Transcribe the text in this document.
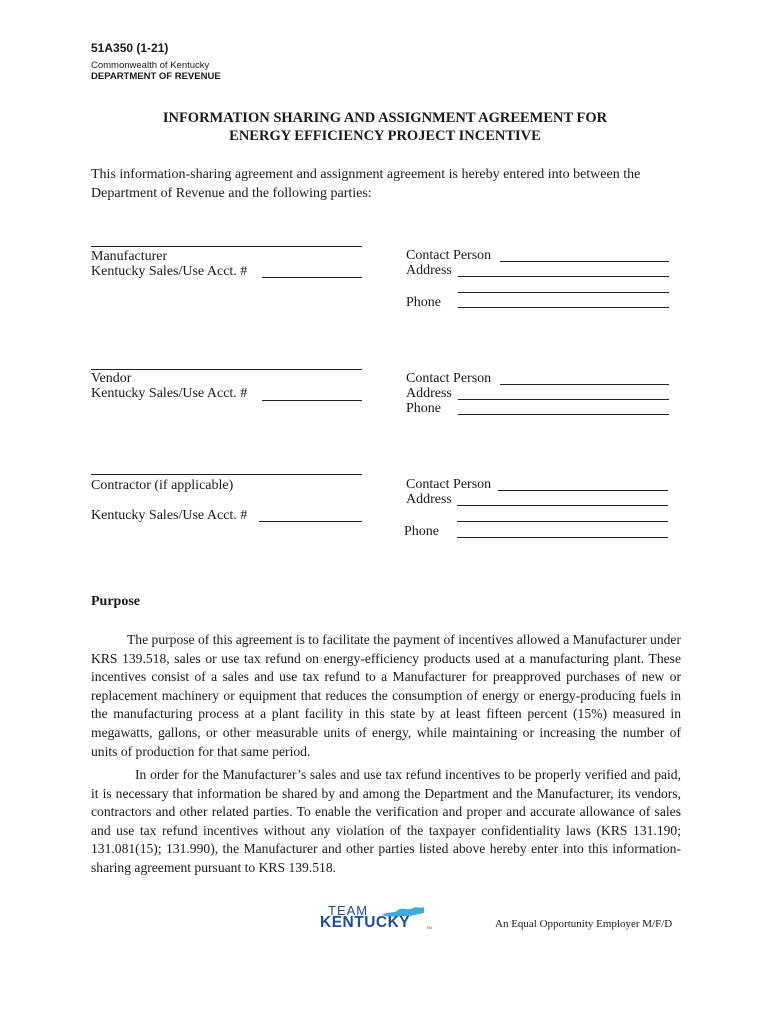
51A350 (1-21)
Commonwealth of Kentucky
DEPARTMENT OF REVENUE
INFORMATION SHARING AND ASSIGNMENT AGREEMENT FOR
ENERGY EFFICIENCY PROJECT INCENTIVE
This information-sharing agreement and assignment agreement is hereby entered into between the Department of Revenue and the following parties:
Manufacturer
Kentucky Sales/Use Acct. #
Contact Person
Address
Phone
Vendor
Kentucky Sales/Use Acct. #
Contact Person
Address
Phone
Contractor (if applicable)
Kentucky Sales/Use Acct. #
Contact Person
Address
Phone
Purpose

The purpose of this agreement is to facilitate the payment of incentives allowed a Manufacturer under KRS 139.518, sales or use tax refund on energy-efficiency products used at a manufacturing plant. These incentives consist of a sales and use tax refund to a Manufacturer for preapproved purchases of new or replacement machinery or equipment that reduces the consumption of energy or energy-producing fuels in the manufacturing process at a plant facility in this state by at least fifteen percent (15%) measured in megawatts, gallons, or other measurable units of energy, while maintaining or increasing the number of units of production for that same period.

In order for the Manufacturer’s sales and use tax refund incentives to be properly verified and paid, it is necessary that information be shared by and among the Department and the Manufacturer, its vendors, contractors and other related parties. To enable the verification and proper and accurate allowance of sales and use tax refund incentives without any violation of the taxpayer confidentiality laws (KRS 131.190; 131.081(15); 131.990), the Manufacturer and other parties listed above hereby enter into this information-sharing agreement pursuant to KRS 139.518.

TEAM
KENTUCKY	TM	An Equal Opportunity Employer M/F/D
